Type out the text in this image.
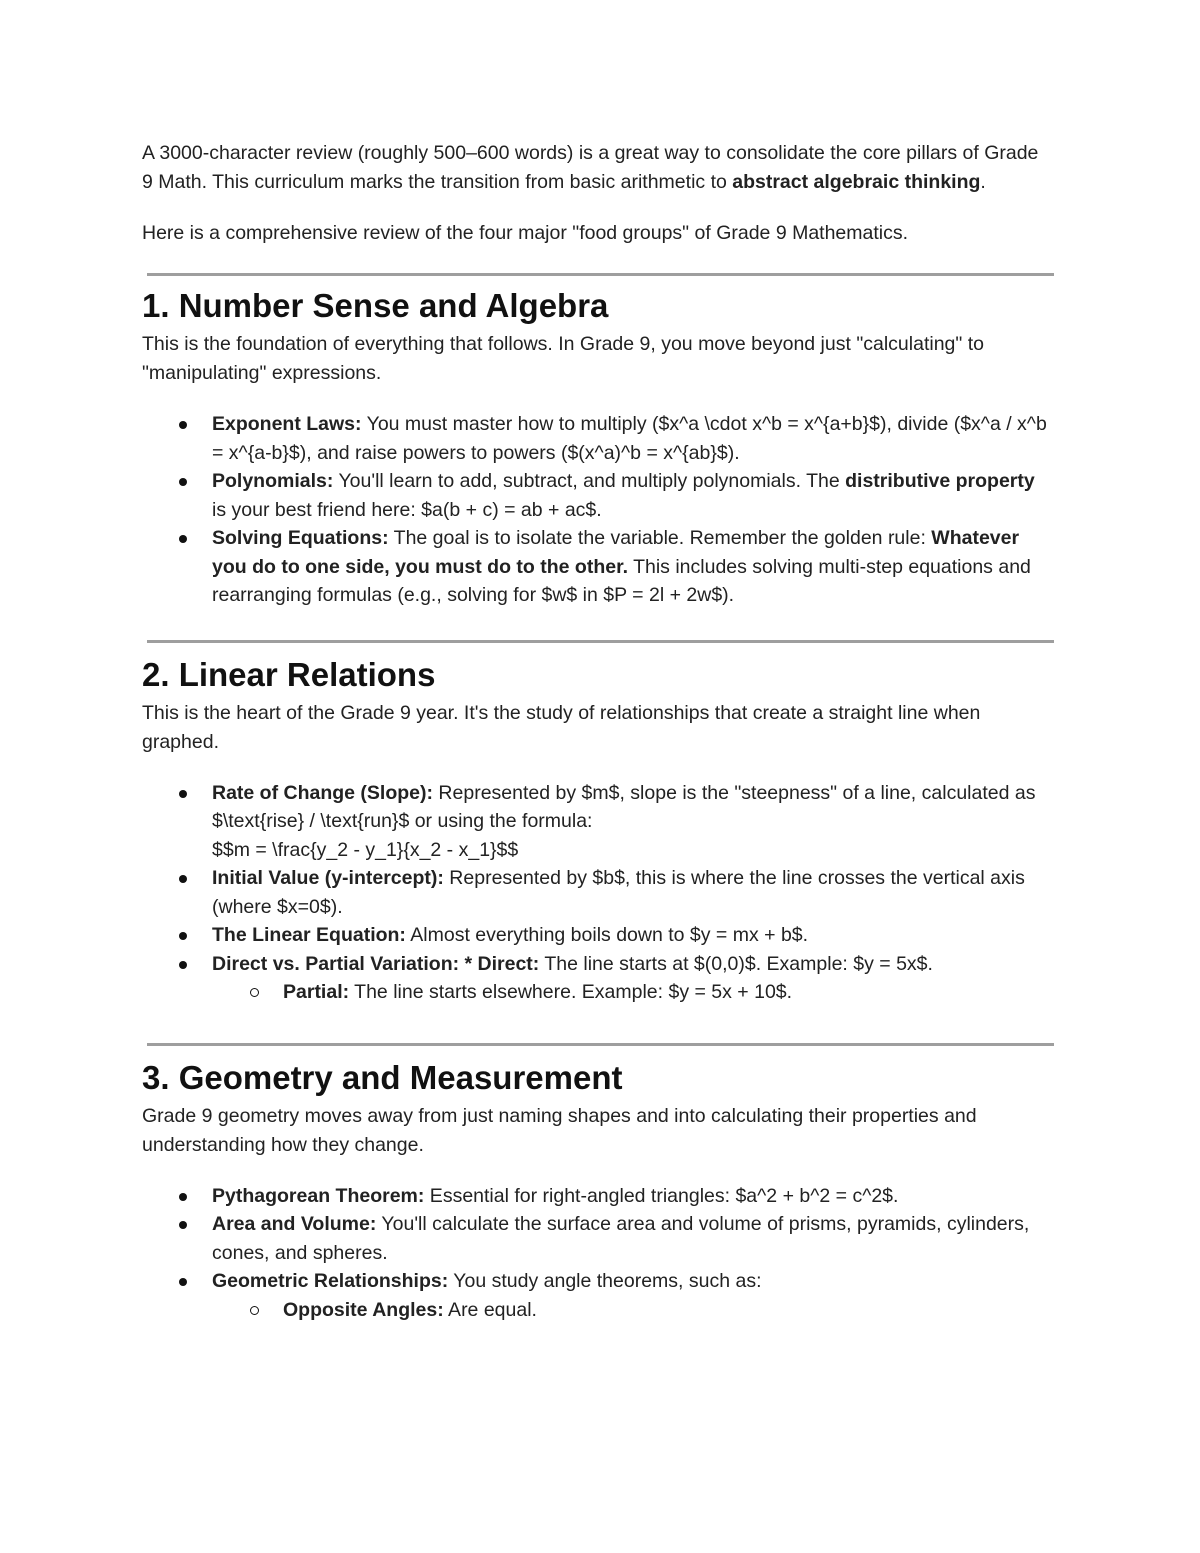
A 3000-character review (roughly 500–600 words) is a great way to consolidate the core pillars of Grade 9 Math. This curriculum marks the transition from basic arithmetic to abstract algebraic thinking.

Here is a comprehensive review of the four major "food groups" of Grade 9 Mathematics.

1. Number Sense and Algebra

This is the foundation of everything that follows. In Grade 9, you move beyond just "calculating" to "manipulating" expressions.

Exponent Laws: You must master how to multiply ($x^a \cdot x^b = x^{a+b}$), divide ($x^a / x^b = x^{a-b}$), and raise powers to powers ($(x^a)^b = x^{ab}$).
Polynomials: You'll learn to add, subtract, and multiply polynomials. The distributive property is your best friend here: $a(b + c) = ab + ac$.
Solving Equations: The goal is to isolate the variable. Remember the golden rule: Whatever you do to one side, you must do to the other. This includes solving multi-step equations and rearranging formulas (e.g., solving for $w$ in $P = 2l + 2w$).
2. Linear Relations

This is the heart of the Grade 9 year. It's the study of relationships that create a straight line when graphed.

Rate of Change (Slope): Represented by $m$, slope is the "steepness" of a line, calculated as $\text{rise} / \text{run}$ or using the formula:
$$m = \frac{y_2 - y_1}{x_2 - x_1}$$
Initial Value (y-intercept): Represented by $b$, this is where the line crosses the vertical axis (where $x=0$).
The Linear Equation: Almost everything boils down to $y = mx + b$.
Direct vs. Partial Variation: * Direct: The line starts at $(0,0)$. Example: $y = 5x$.
Partial: The line starts elsewhere. Example: $y = 5x + 10$.
3. Geometry and Measurement

Grade 9 geometry moves away from just naming shapes and into calculating their properties and understanding how they change.

Pythagorean Theorem: Essential for right-angled triangles: $a^2 + b^2 = c^2$.
Area and Volume: You'll calculate the surface area and volume of prisms, pyramids, cylinders, cones, and spheres.
Geometric Relationships: You study angle theorems, such as:
Opposite Angles: Are equal.
